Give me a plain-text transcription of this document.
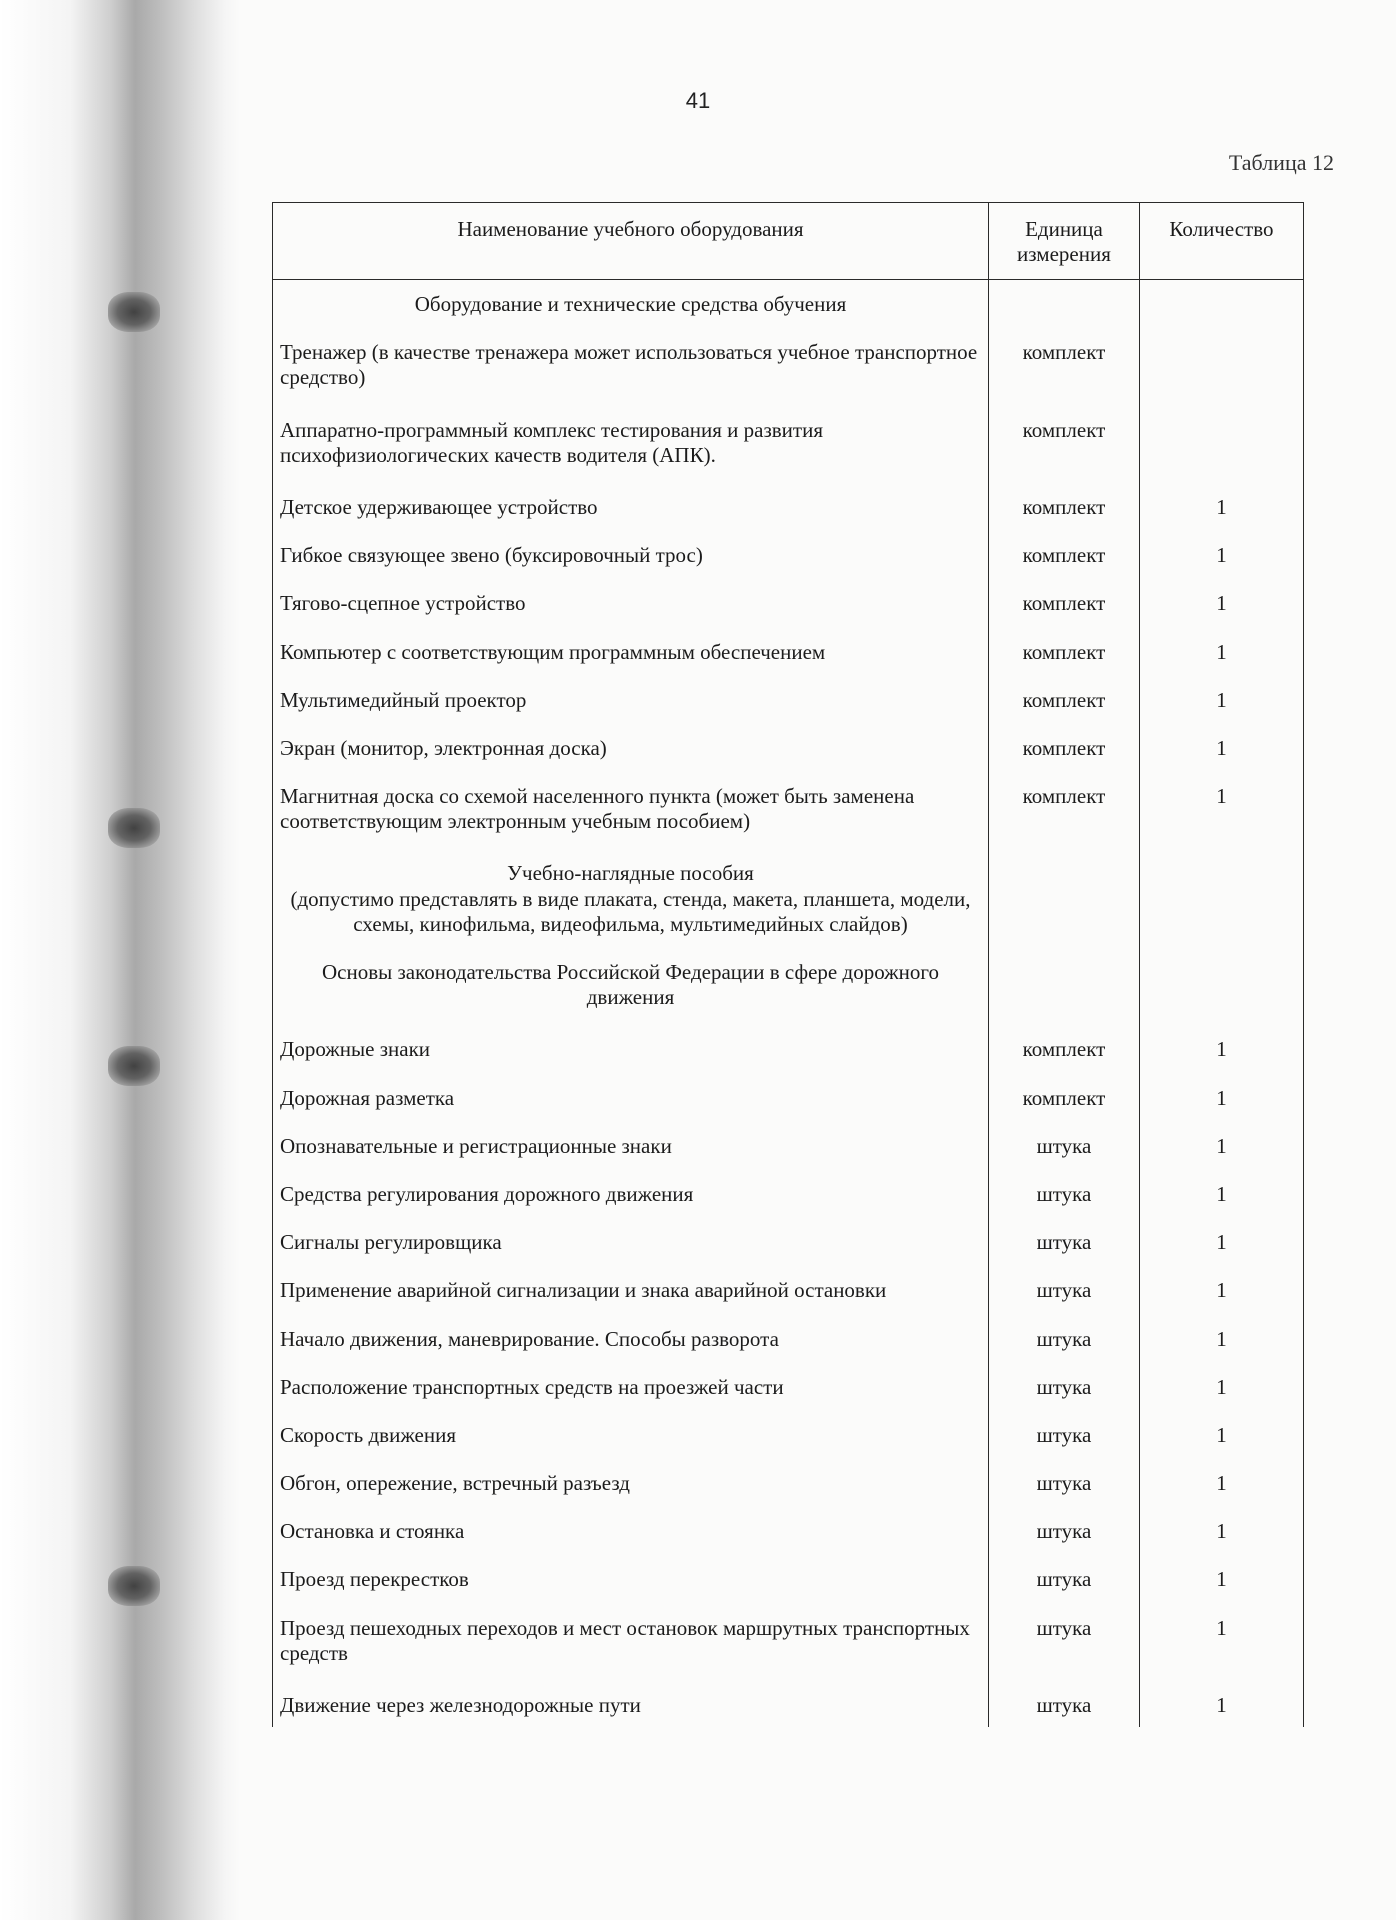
41
Таблица 12
Наименование учебного оборудования	Единица измерения	Количество

Оборудование и технические средства обучения		

Тренажер (в качестве тренажера может использоваться учебное транспортное средство)	комплект	
Аппаратно-программный комплекс тестирования и развития психофизиологических качеств водителя (АПК).	комплект	
Детское удерживающее устройство	комплект	1
Гибкое связующее звено (буксировочный трос)	комплект	1
Тягово-сцепное устройство	комплект	1
Компьютер с соответствующим программным обеспечением	комплект	1
Мультимедийный проектор	комплект	1
Экран (монитор, электронная доска)	комплект	1
Магнитная доска со схемой населенного пункта (может быть заменена соответствующим электронным учебным пособием)	комплект	1

Учебно-наглядные пособия
(допустимо представлять в виде плаката, стенда, макета, планшета, модели, схемы, кинофильма, видеофильма, мультимедийных слайдов)		

Основы законодательства Российской Федерации в сфере дорожного движения		

Дорожные знаки	комплект	1
Дорожная разметка	комплект	1
Опознавательные и регистрационные знаки	штука	1
Средства регулирования дорожного движения	штука	1
Сигналы регулировщика	штука	1
Применение аварийной сигнализации и знака аварийной остановки	штука	1
Начало движения, маневрирование. Способы разворота	штука	1
Расположение транспортных средств на проезжей части	штука	1
Скорость движения	штука	1
Обгон, опережение, встречный разъезд	штука	1
Остановка и стоянка	штука	1
Проезд перекрестков	штука	1
Проезд пешеходных переходов и мест остановок маршрутных транспортных средств	штука	1
Движение через железнодорожные пути	штука	1
